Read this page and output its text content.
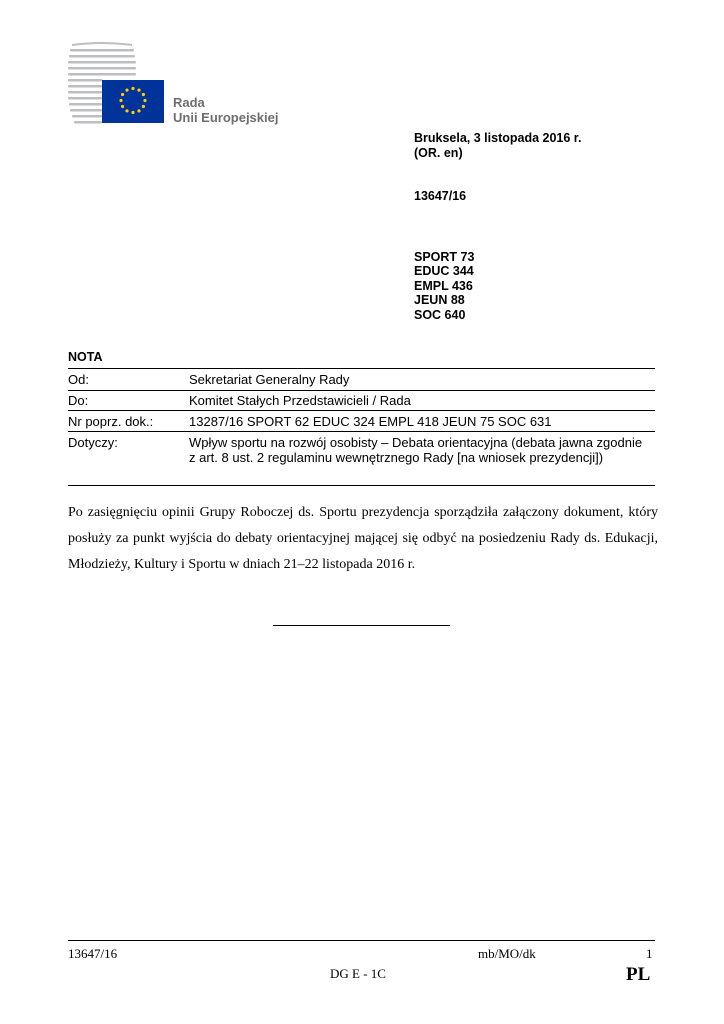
Rada
Unii Europejskiej
Bruksela, 3 listopada 2016 r.
(OR. en)
13647/16
SPORT 73
EDUC 344
EMPL 436
JEUN 88
SOC 640
NOTA
Od:	Sekretariat Generalny Rady
Do:	Komitet Stałych Przedstawicieli / Rada
Nr poprz. dok.:	13287/16 SPORT 62 EDUC 324 EMPL 418 JEUN 75 SOC 631
Dotyczy:	Wpływ sportu na rozwój osobisty – Debata orientacyjna (debata jawna zgodnie z art. 8 ust. 2 regulaminu wewnętrznego Rady [na wniosek prezydencji])
Po zasięgnięciu opinii Grupy Roboczej ds. Sportu prezydencja sporządziła załączony dokument, który posłuży za punkt wyjścia do debaty orientacyjnej mającej się odbyć na posiedzeniu Rady ds. Edukacji, Młodzieży, Kultury i Sportu w dniach 21–22 listopada 2016 r.
13647/16	mb/MO/dk	1
DG E - 1C	PL
